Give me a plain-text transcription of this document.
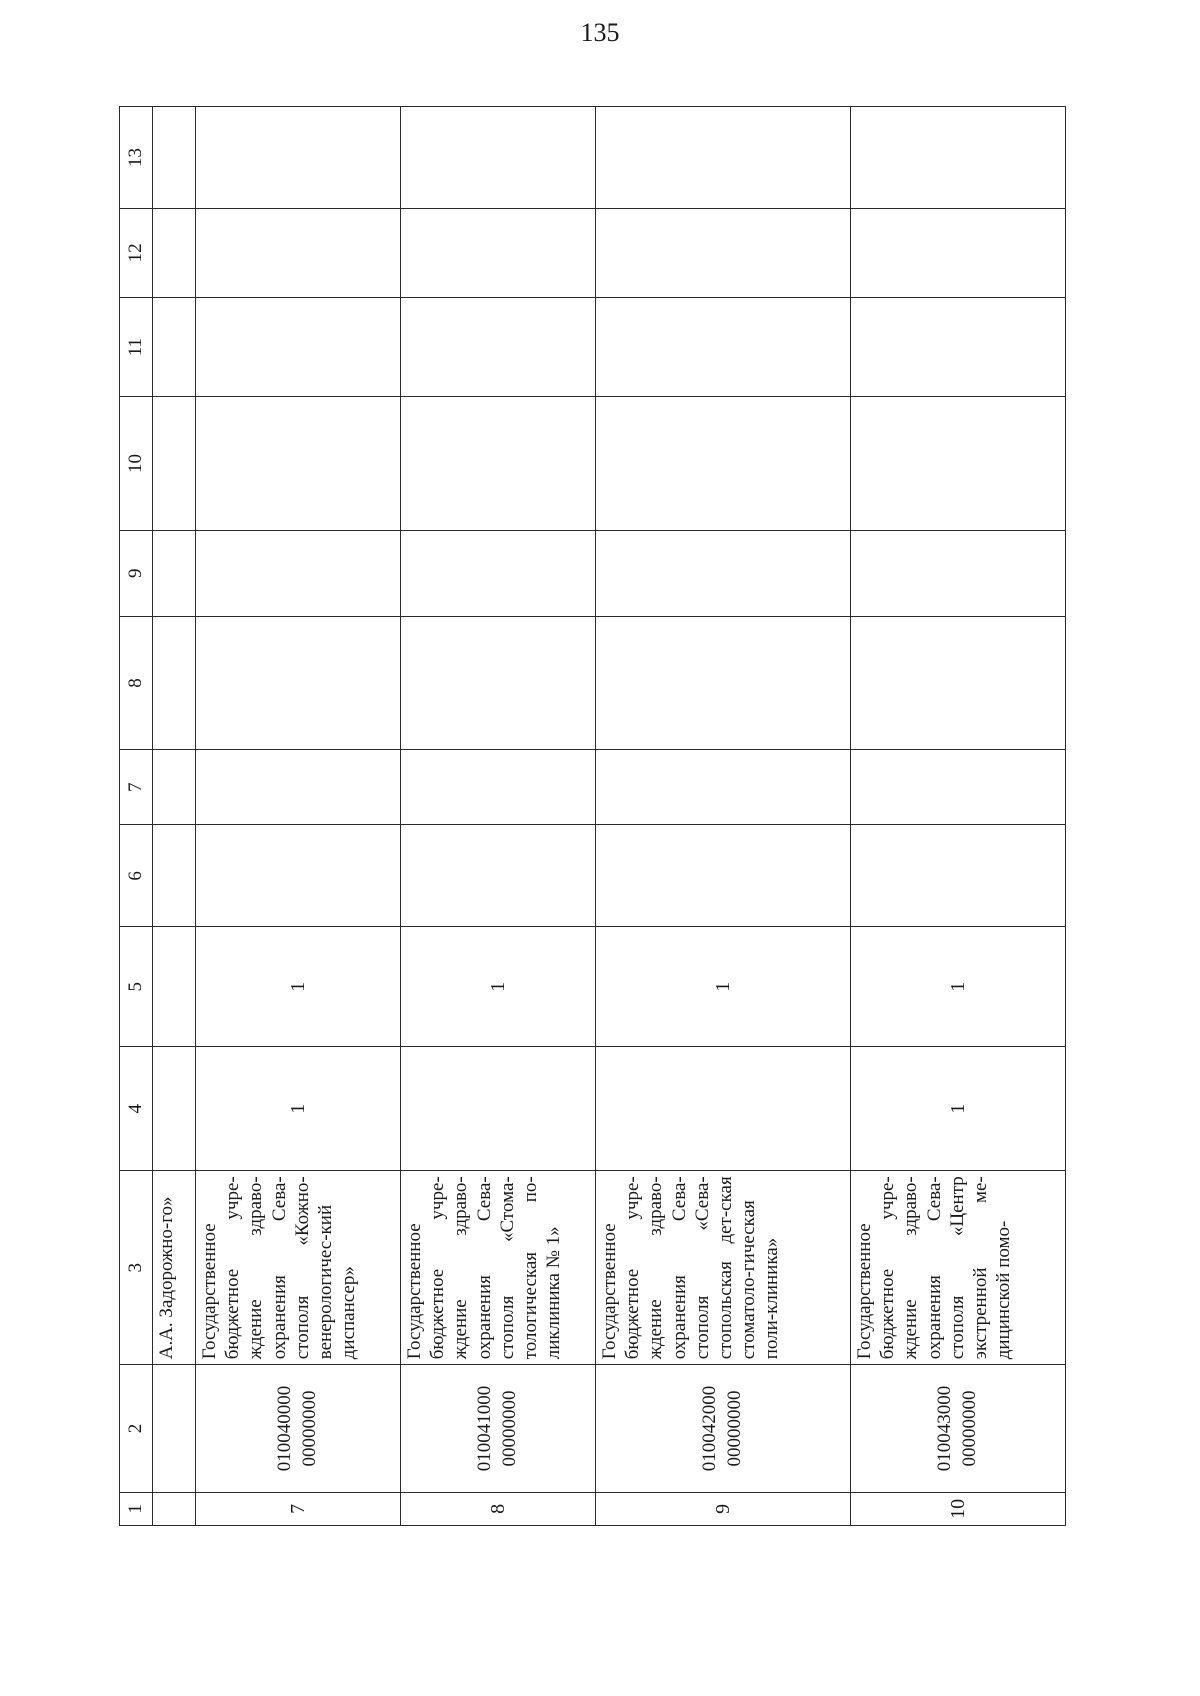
135
1	2	3	4	5	6	7	8	9	10	11	12	13
		А.А. Задорожно-го»										
7	010040000 00000000	Государственное бюджетное учре-ждение здраво-охранения Сева-стополя «Кожно-венерологичес-кий диспансер»	1	1								
8	010041000 00000000	Государственное бюджетное учре-ждение здраво-охранения Сева-стополя «Стома-тологическая по-ликлиника № 1»		1								
9	010042000 00000000	Государственное бюджетное учре-ждение здраво-охранения Сева-стополя «Сева-стопольская дет-ская стоматоло-гическая поли-клиника»		1								
10	010043000 00000000	Государственное бюджетное учре-ждение здраво-охранения Сева-стополя «Центр экстренной ме-дицинской помо-	1	1								
